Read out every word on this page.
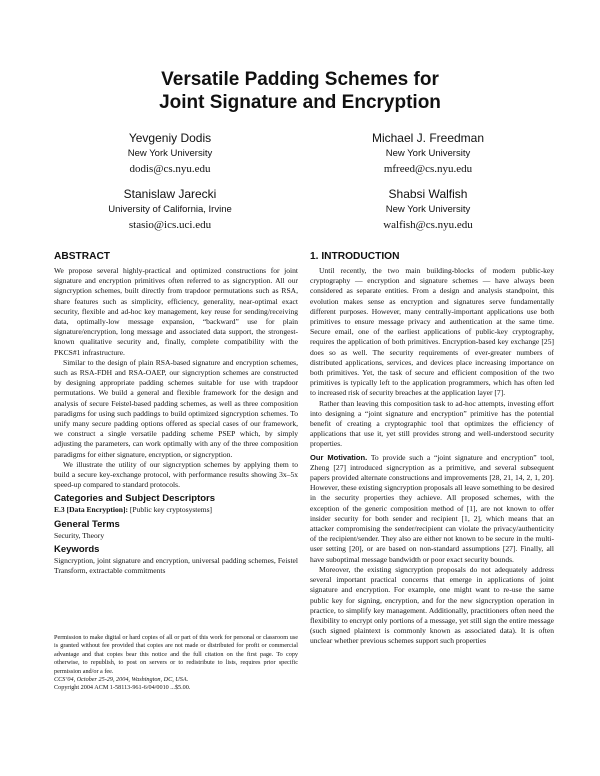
Versatile Padding Schemes for
Joint Signature and Encryption
Yevgeniy Dodis
New York University
dodis@cs.nyu.edu
Michael J. Freedman
New York University
mfreed@cs.nyu.edu
Stanislaw Jarecki
University of California, Irvine
stasio@ics.uci.edu
Shabsi Walfish
New York University
walfish@cs.nyu.edu
ABSTRACT

We propose several highly-practical and optimized constructions for joint signature and encryption primitives often referred to as signcryption. All our signcryption schemes, built directly from trapdoor permutations such as RSA, share features such as simplicity, efficiency, generality, near-optimal exact security, flexible and ad-hoc key management, key reuse for sending/receiving data, optimally-low message expansion, “backward” use for plain signature/encryption, long message and associated data support, the strongest-known qualitative security and, finally, complete compatibility with the PKCS#1 infrastructure.

Similar to the design of plain RSA-based signature and encryption schemes, such as RSA-FDH and RSA-OAEP, our signcryption schemes are constructed by designing appropriate padding schemes suitable for use with trapdoor permutations. We build a general and flexible framework for the design and analysis of secure Feistel-based padding schemes, as well as three composition paradigms for using such paddings to build optimized signcryption schemes. To unify many secure padding options offered as special cases of our framework, we construct a single versatile padding scheme PSEP which, by simply adjusting the parameters, can work optimally with any of the three composition paradigms for either signature, encryption, or signcryption.

We illustrate the utility of our signcryption schemes by applying them to build a secure key-exchange protocol, with performance results showing 3x–5x speed-up compared to standard protocols.

Categories and Subject Descriptors

E.3 [Data Encryption]: [Public key cryptosystems]

General Terms

Security, Theory

Keywords

Signcryption, joint signature and encryption, universal padding schemes, Feistel Transform, extractable commitments

Permission to make digital or hard copies of all or part of this work for personal or classroom use is granted without fee provided that copies are not made or distributed for profit or commercial advantage and that copies bear this notice and the full citation on the first page. To copy otherwise, to republish, to post on servers or to redistribute to lists, requires prior specific permission and/or a fee.

CCS’04, October 25-29, 2004, Washington, DC, USA.

Copyright 2004 ACM 1-58113-961-6/04/0010 ...$5.00.

1. INTRODUCTION

Until recently, the two main building-blocks of modern public-key cryptography — encryption and signature schemes — have always been considered as separate entities. From a design and analysis standpoint, this evolution makes sense as encryption and signatures serve fundamentally different purposes. However, many centrally-important applications use both primitives to ensure message privacy and authentication at the same time. Secure email, one of the earliest applications of public-key cryptography, requires the application of both primitives. Encryption-based key exchange [25] does so as well. The security requirements of ever-greater numbers of distributed applications, services, and devices place increasing importance on both primitives. Yet, the task of secure and efficient composition of the two primitives is typically left to the application programmers, which has often led to increased risk of security breaches at the application layer [7].

Rather than leaving this composition task to ad-hoc attempts, investing effort into designing a “joint signature and encryption” primitive has the potential benefit of creating a cryptographic tool that optimizes the efficiency of applications that use it, yet still provides strong and well-understood security properties.

Our Motivation. To provide such a “joint signature and encryption” tool, Zheng [27] introduced signcryption as a primitive, and several subsequent papers provided alternate constructions and improvements [28, 21, 14, 2, 1, 20]. However, these existing signcryption proposals all leave something to be desired in the security properties they achieve. All proposed schemes, with the exception of the generic composition method of [1], are not known to offer insider security for both sender and recipient [1, 2], which means that an attacker compromising the sender/recipient can violate the privacy/authenticity of the recipient/sender. They also are either not known to be secure in the multi-user setting [20], or are based on non-standard assumptions [27]. Finally, all have suboptimal message bandwidth or poor exact security bounds.

Moreover, the existing signcryption proposals do not adequately address several important practical concerns that emerge in applications of joint signature and encryption. For example, one might want to re-use the same public key for signing, encryption, and for the new signcryption operation in practice, to simplify key management. Additionally, practitioners often need the flexibility to encrypt only portions of a message, yet still sign the entire message (such signed plaintext is commonly known as associated data). It is often unclear whether previous schemes support such properties
